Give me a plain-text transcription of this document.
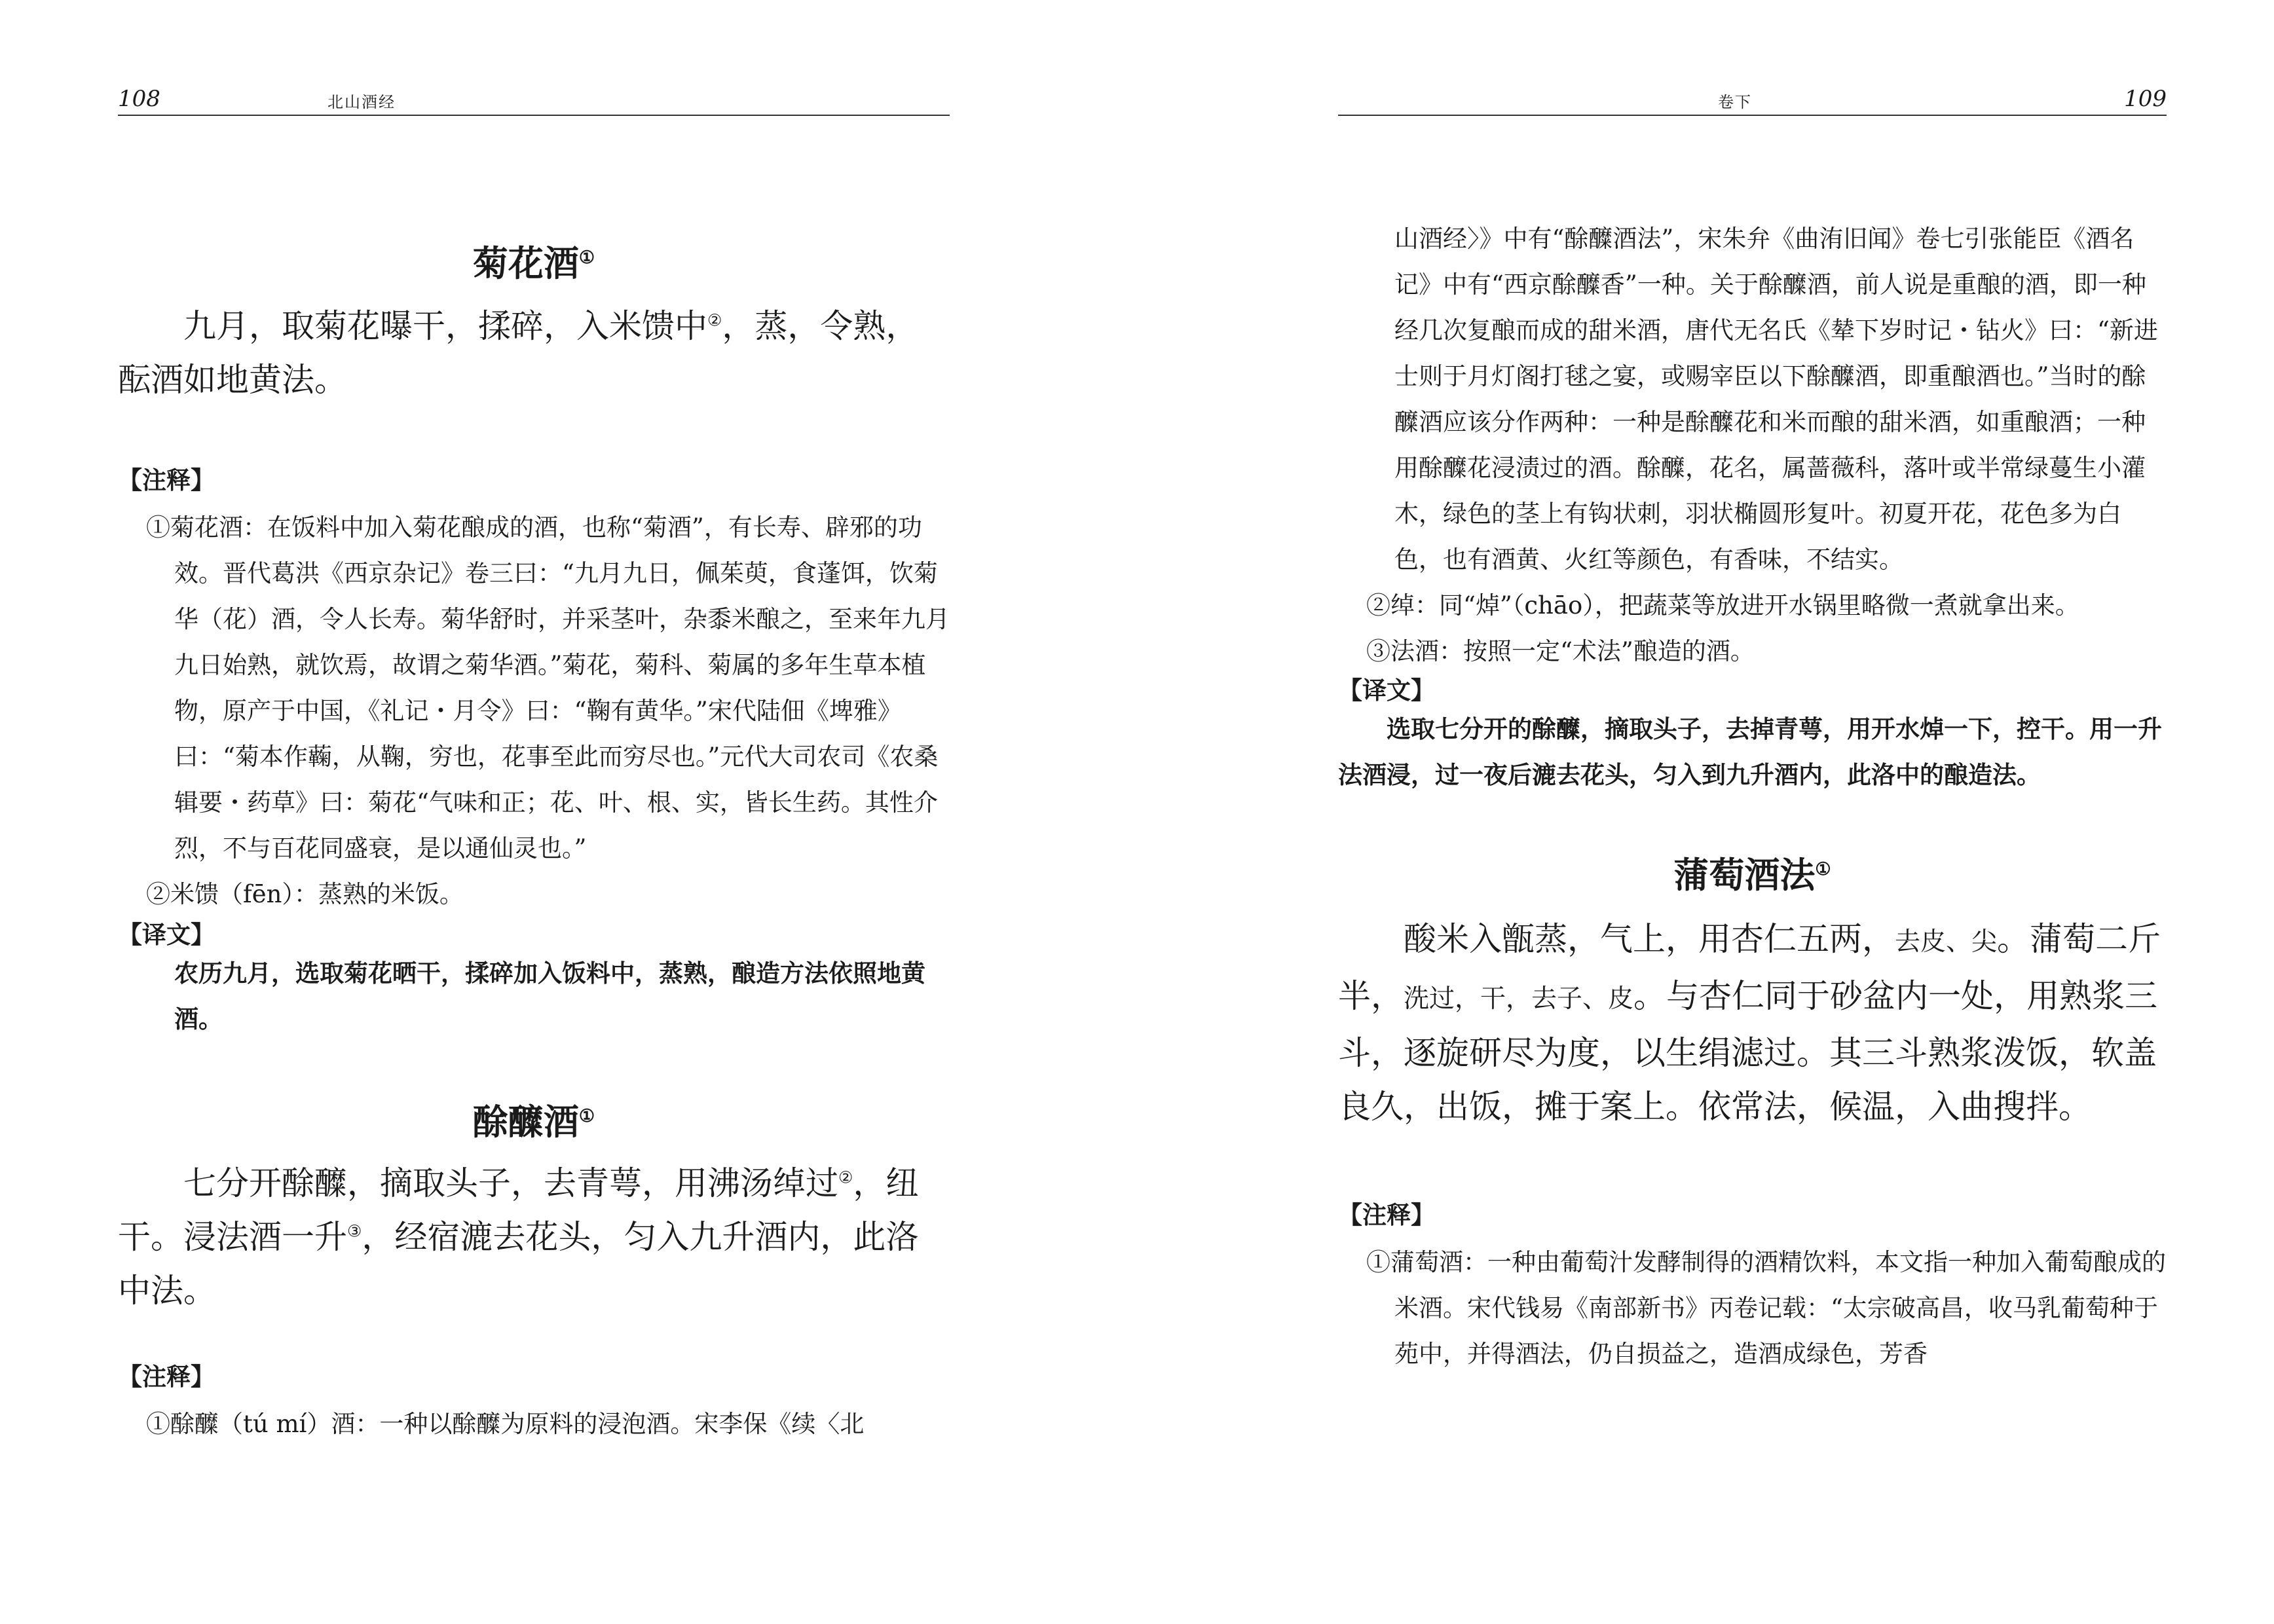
108	北山酒经
菊花酒①

九月，取菊花曝干，揉碎，入米馈中②，蒸，令熟，酝酒如地黄法。

【注释】

①菊花酒：在饭料中加入菊花酿成的酒，也称“菊酒”，有长寿、辟邪的功效。晋代葛洪《西京杂记》卷三曰：“九月九日，佩茱萸，食蓬饵，饮菊华（花）酒，令人长寿。菊华舒时，并采茎叶，杂黍米酿之，至来年九月九日始熟，就饮焉，故谓之菊华酒。”菊花，菊科、菊属的多年生草本植物，原产于中国，《礼记・月令》曰：“鞠有黄华。”宋代陆佃《埤雅》曰：“菊本作蘜，从鞠，穷也，花事至此而穷尽也。”元代大司农司《农桑辑要・药草》曰：菊花“气味和正；花、叶、根、实，皆长生药。其性介烈，不与百花同盛衰，是以通仙灵也。”

②米馈（fēn）：蒸熟的米饭。

【译文】

农历九月，选取菊花晒干，揉碎加入饭料中，蒸熟，酿造方法依照地黄酒。

酴醾酒①

七分开酴醾，摘取头子，去青萼，用沸汤绰过②，纽干。浸法酒一升③，经宿漉去花头，匀入九升酒内，此洛中法。

【注释】

①酴醾（tú mí）酒：一种以酴醾为原料的浸泡酒。宋李保《续〈北

卷下	109

山酒经〉》中有“酴醾酒法”，宋朱弁《曲洧旧闻》卷七引张能臣《酒名记》中有“西京酴醾香”一种。关于酴醾酒，前人说是重酿的酒，即一种经几次复酿而成的甜米酒，唐代无名氏《辇下岁时记・钻火》曰：“新进士则于月灯阁打毬之宴，或赐宰臣以下酴醾酒，即重酿酒也。”当时的酴醾酒应该分作两种：一种是酴醾花和米而酿的甜米酒，如重酿酒；一种用酴醾花浸渍过的酒。酴醾，花名，属蔷薇科，落叶或半常绿蔓生小灌木，绿色的茎上有钩状刺，羽状椭圆形复叶。初夏开花，花色多为白色，也有酒黄、火红等颜色，有香味，不结实。

②绰：同“焯”（chāo），把蔬菜等放进开水锅里略微一煮就拿出来。

③法酒：按照一定“术法”酿造的酒。

【译文】

选取七分开的酴醾，摘取头子，去掉青萼，用开水焯一下，控干。用一升法酒浸，过一夜后漉去花头，匀入到九升酒内，此洛中的酿造法。

蒲萄酒法①

酸米入甑蒸，气上，用杏仁五两，去皮、尖。蒲萄二斤半，洗过，干，去子、皮。与杏仁同于砂盆内一处，用熟浆三斗，逐旋研尽为度，以生绢滤过。其三斗熟浆泼饭，软盖良久，出饭，摊于案上。依常法，候温，入曲搜拌。

【注释】

①蒲萄酒：一种由葡萄汁发酵制得的酒精饮料，本文指一种加入葡萄酿成的米酒。宋代钱易《南部新书》丙卷记载：“太宗破高昌，收马乳葡萄种于苑中，并得酒法，仍自损益之，造酒成绿色，芳香
